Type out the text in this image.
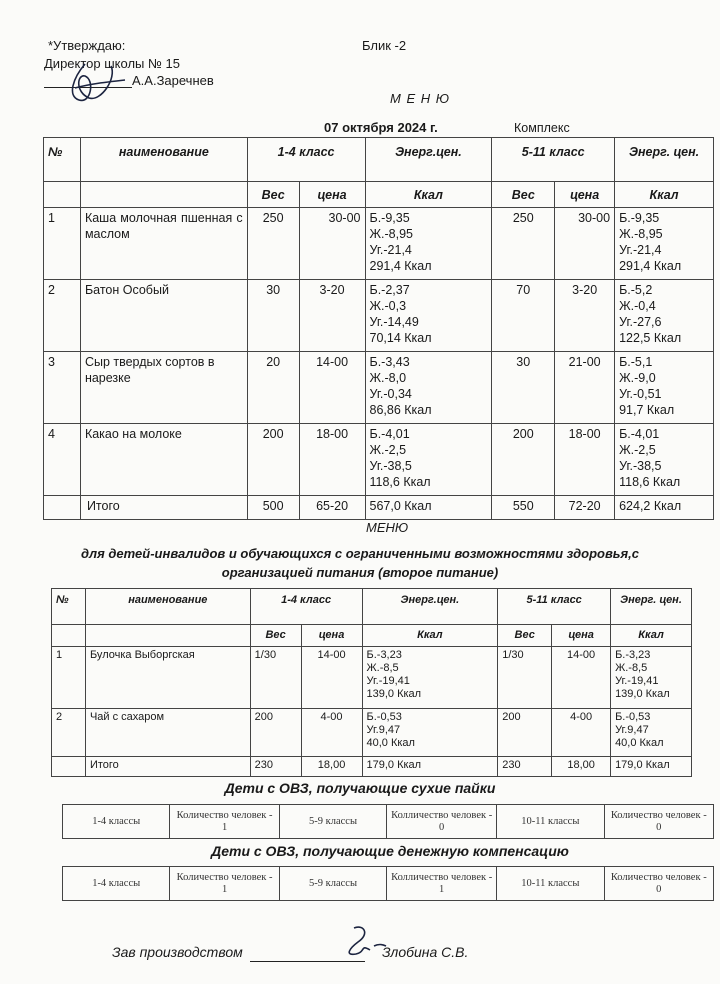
*Утверждаю:	Блик -2
Директор школы № 15
А.А.Заречнев
М Е Н Ю
07 октября 2024 г.	Комплекс
№	наименование	1-4 класс		Энерг.цен.	5-11 класс		Энерг. цен.
		Вес	цена	Ккал	Вес	цена	Ккал
1	Каша молочная пшенная с маслом	250	30-00	Б.-9,35
Ж.-8,95
Уг.-21,4
291,4 Ккал	250	30-00	Б.-9,35
Ж.-8,95
Уг.-21,4
291,4 Ккал
2	Батон Особый	30	3-20	Б.-2,37
Ж.-0,3
Уг.-14,49
70,14 Ккал	70	3-20	Б.-5,2
Ж.-0,4
Уг.-27,6
122,5 Ккал
3	Сыр твердых сортов в нарезке	20	14-00	Б.-3,43
Ж.-8,0
Уг.-0,34
86,86 Ккал	30	21-00	Б.-5,1
Ж.-9,0
Уг.-0,51
91,7 Ккал
4	Какао на молоке	200	18-00	Б.-4,01
Ж.-2,5
Уг.-38,5
118,6 Ккал	200	18-00	Б.-4,01
Ж.-2,5
Уг.-38,5
118,6 Ккал
	Итого	500	65-20	567,0 Ккал	550	72-20	624,2 Ккал
МЕНЮ
для детей-инвалидов и обучающихся с ограниченными возможностями здоровья,с
организацией питания (второе питание)
№	наименование	1-4 класс		Энерг.цен.	5-11 класс		Энерг. цен.
		Вес	цена	Ккал	Вес	цена	Ккал
1	Булочка Выборгская	1/30	14-00	Б.-3,23
Ж.-8,5
Уг.-19,41
139,0 Ккал	1/30	14-00	Б.-3,23
Ж.-8,5
Уг.-19,41
139,0 Ккал
2	Чай с сахаром	200	4-00	Б.-0,53
Уг.9,47
40,0 Ккал	200	4-00	Б.-0,53
Уг.9,47
40,0 Ккал
	Итого	230	18,00	179,0 Ккал	230	18,00	179,0 Ккал
Дети с ОВЗ, получающие сухие пайки
1-4 классы	Количество человек - 1	5-9 классы	Колличество человек - 0	10-11 классы	Количество человек - 0
Дети с ОВЗ, получающие денежную компенсацию
1-4 классы	Количество человек - 1	5-9 классы	Колличество человек - 1	10-11 классы	Количество человек - 0
Зав производством	Злобина С.В.
